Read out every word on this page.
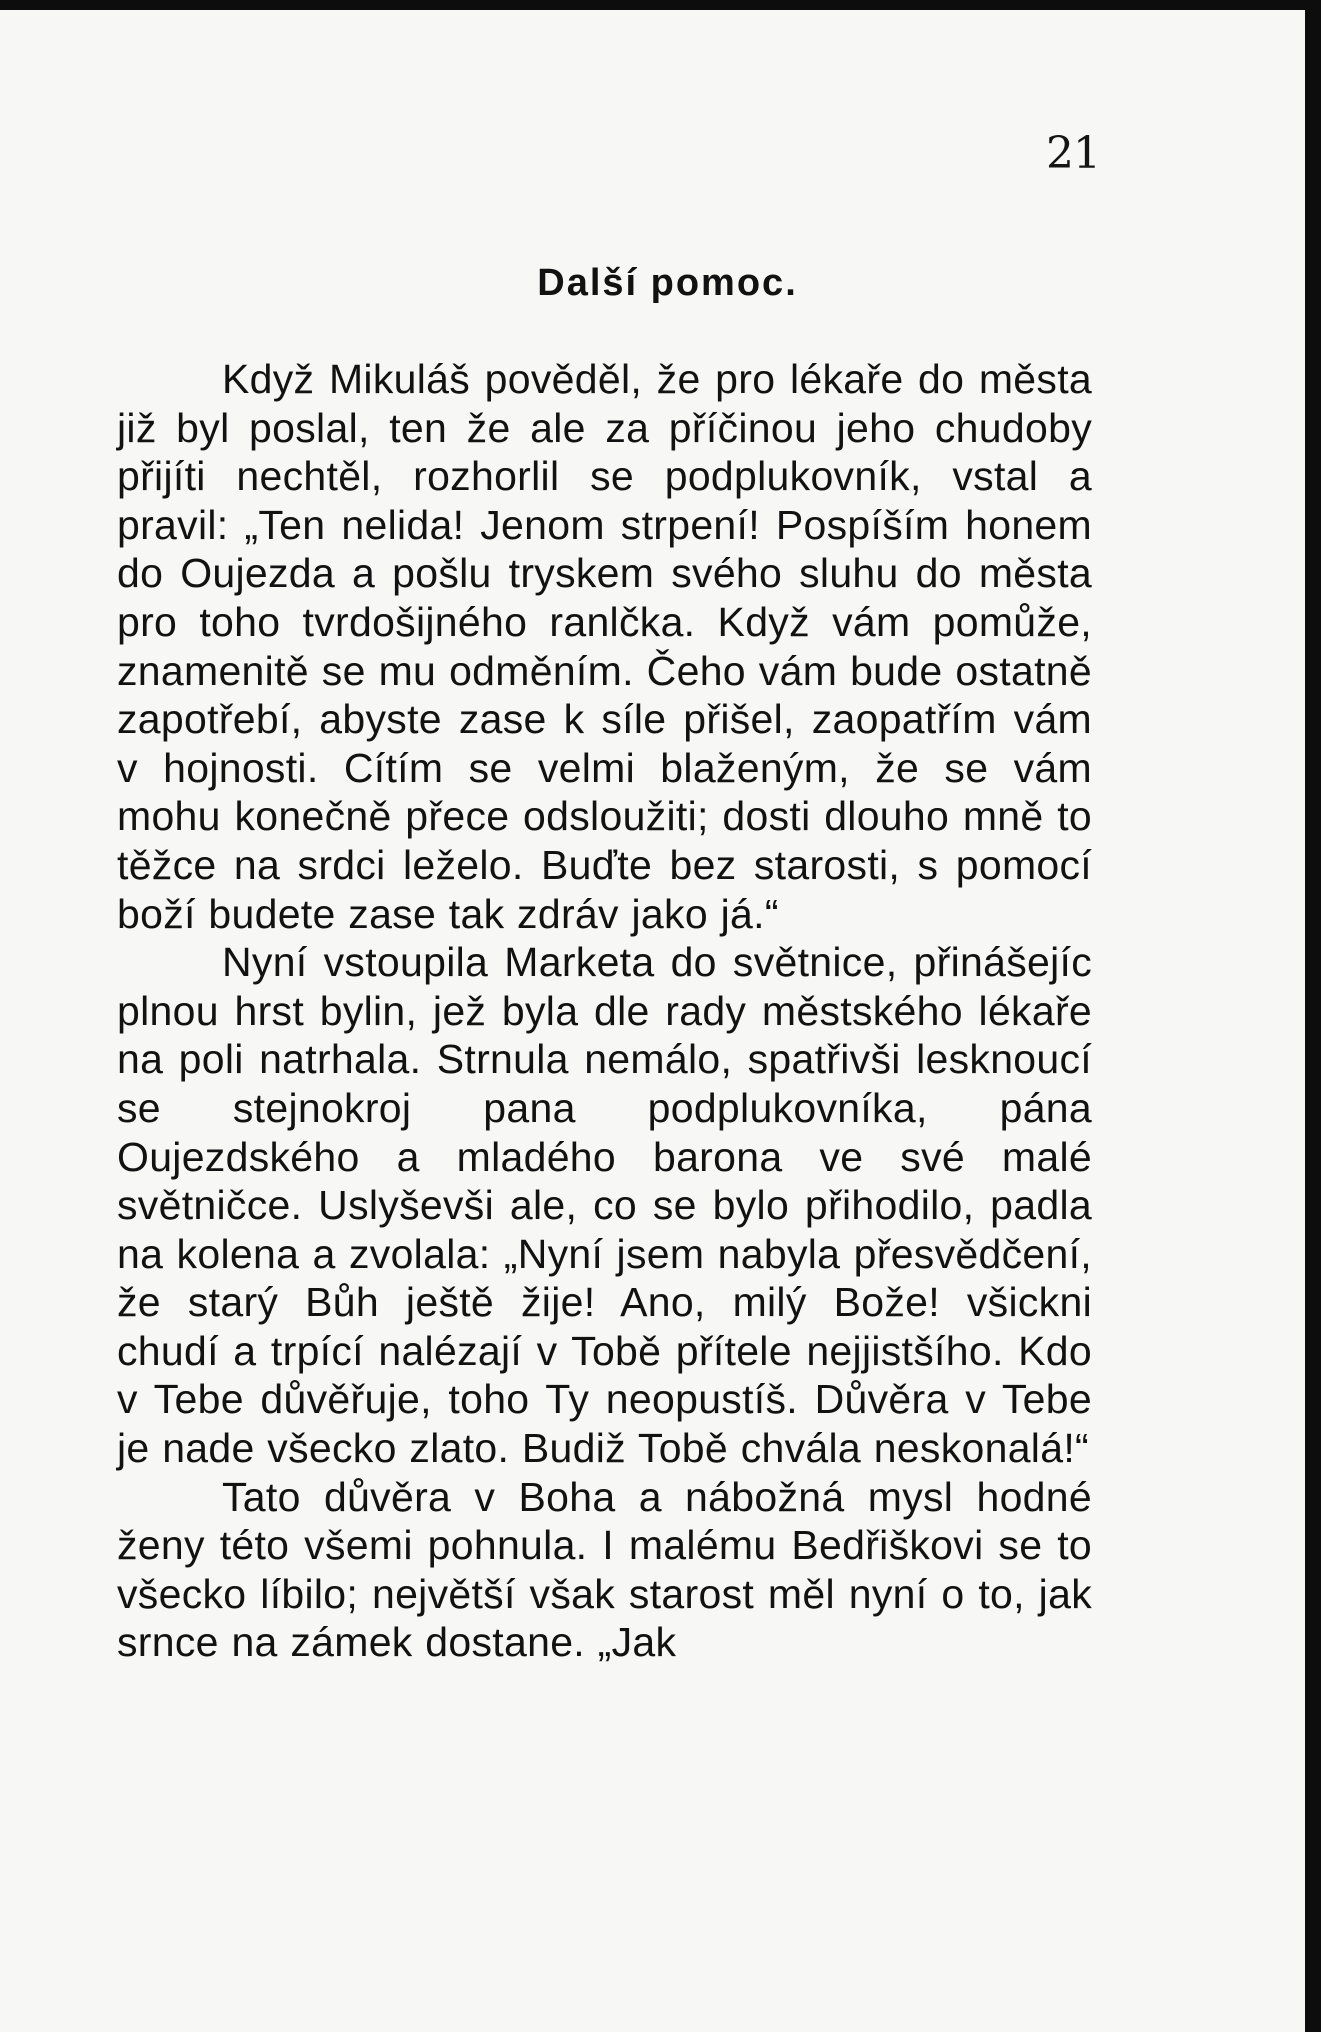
21
Další pomoc.

Když Mikuláš pověděl, že pro lékaře do města již byl poslal, ten že ale za příčinou jeho chudoby přijíti nechtěl, rozhorlil se podplukovník, vstal a pravil: „Ten nelida! Jenom strpení! Pospíším honem do Oujezda a pošlu tryskem svého sluhu do města pro toho tvrdošijného ranlčka. Když vám pomůže, znamenitě se mu odměním. Čeho vám bude ostatně zapotřebí, abyste zase k síle přišel, zaopatřím vám v hojnosti. Cítím se velmi blaženým, že se vám mohu konečně přece odsloužiti; dosti dlouho mně to těžce na srdci leželo. Buďte bez starosti, s pomocí boží budete zase tak zdráv jako já.“

Nyní vstoupila Marketa do světnice, přinášejíc plnou hrst bylin, jež byla dle rady městského lékaře na poli natrhala. Strnula nemálo, spatřivši lesknoucí se stejnokroj pana podplukovníka, pána Oujezdského a mladého barona ve své malé světničce. Uslyševši ale, co se bylo přihodilo, padla na kolena a zvolala: „Nyní jsem nabyla přesvědčení, že starý Bůh ještě žije! Ano, milý Bože! všickni chudí a trpící nalézají v Tobě přítele nejjistšího. Kdo v Tebe důvěřuje, toho Ty neopustíš. Důvěra v Tebe je nade všecko zlato. Budiž Tobě chvála neskonalá!“

Tato důvěra v Boha a nábožná mysl hodné ženy této všemi pohnula. I malému Bedřiškovi se to všecko líbilo; největší však starost měl nyní o to, jak srnce na zámek dostane. „Jak
